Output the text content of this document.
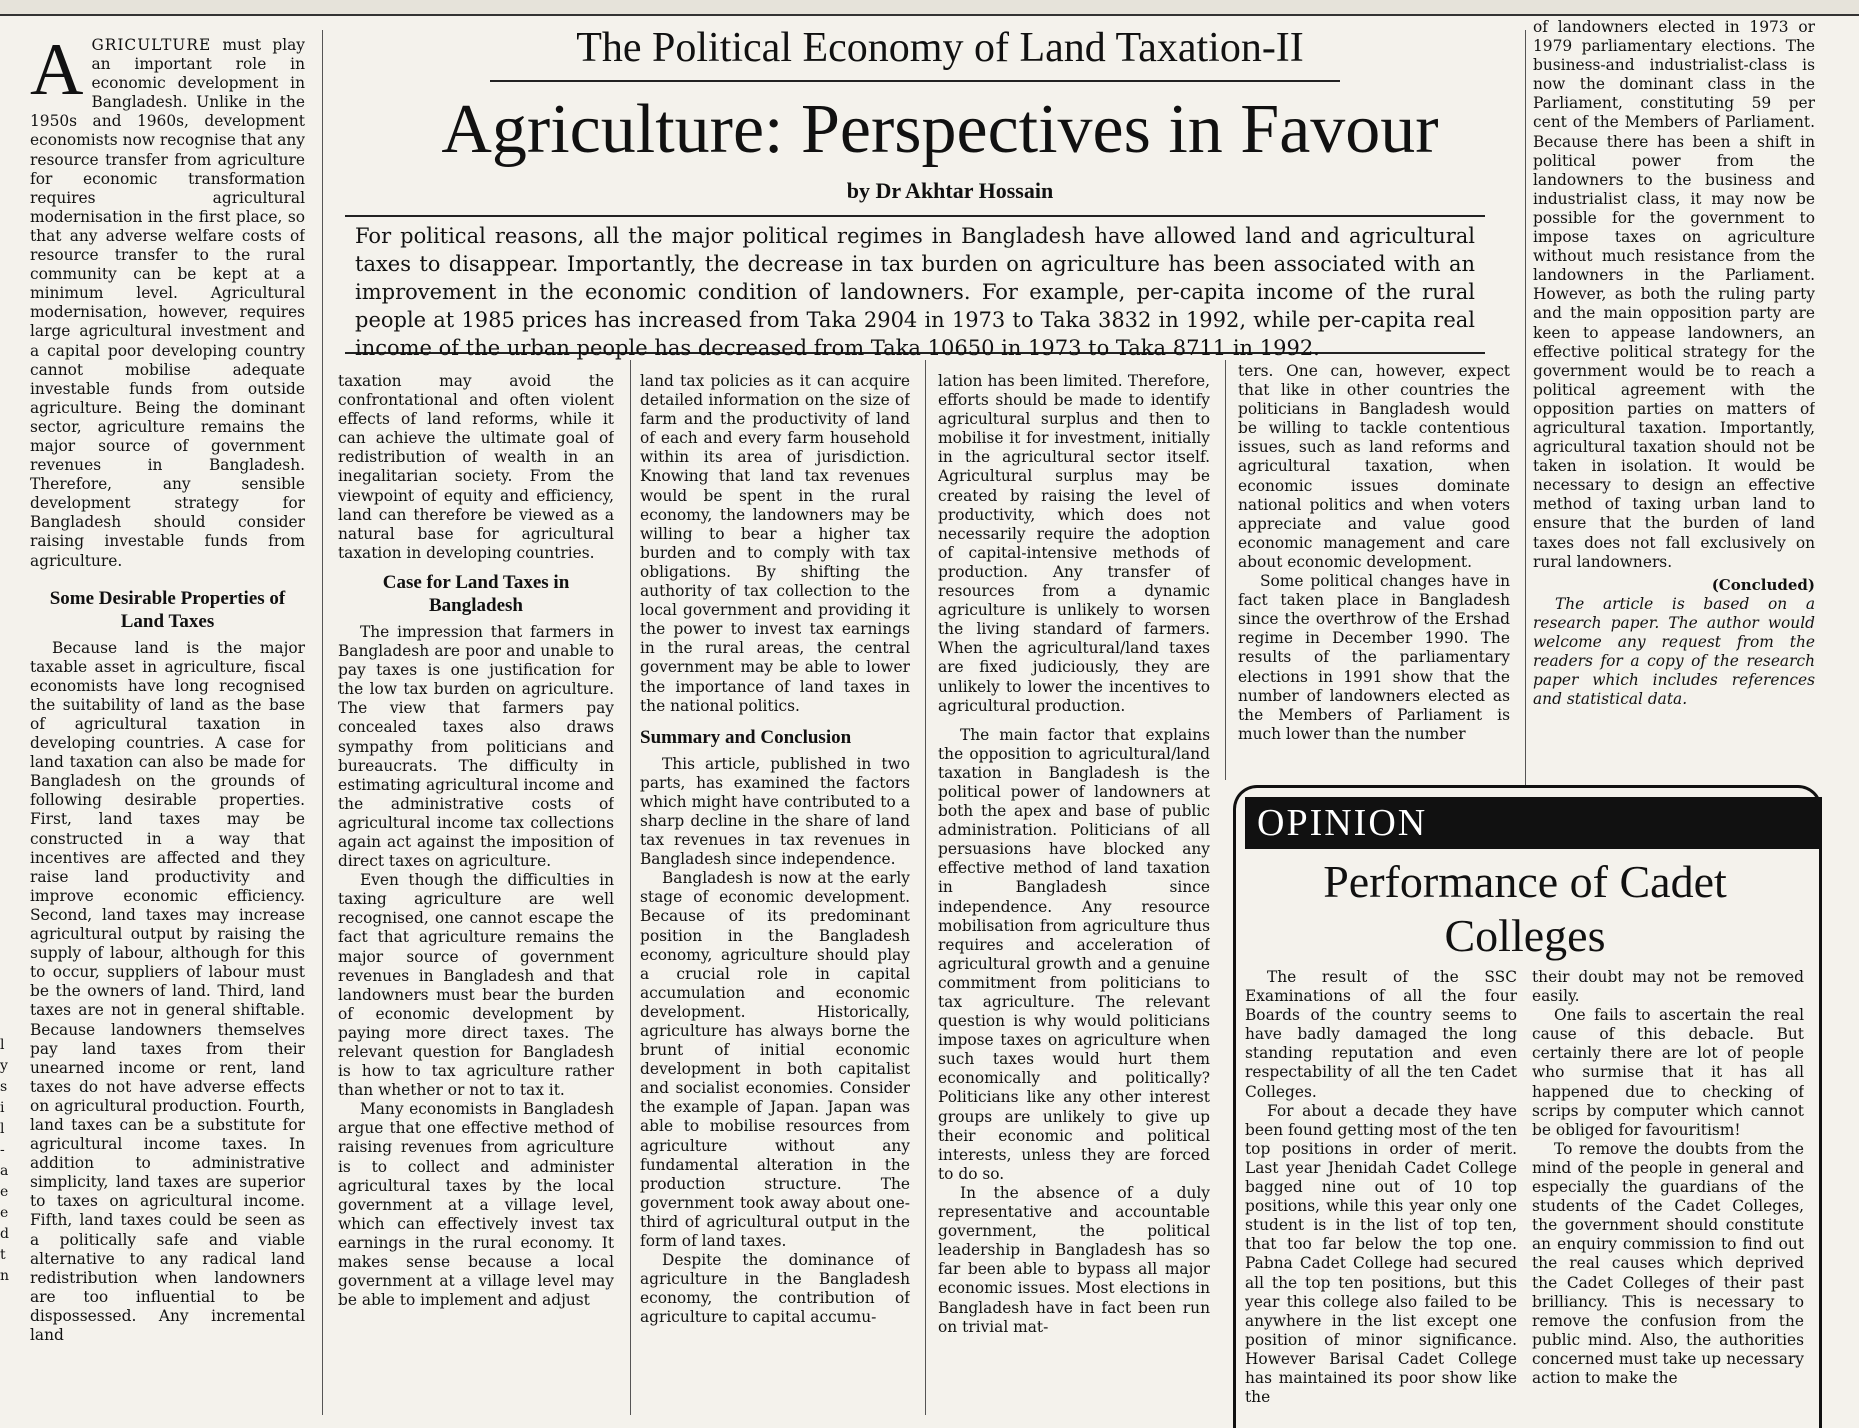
l
y
s
i
l
-
a
e
e
d
t
n
The Political Economy of Land Taxation-II
Agriculture: Perspectives in Favour
by Dr Akhtar Hossain
For political reasons, all the major political regimes in Bangladesh have allowed land and agricultural taxes to disappear. Importantly, the decrease in tax burden on agriculture has been associated with an improvement in the economic condition of landowners. For example, per-capita income of the rural people at 1985 prices has increased from Taka 2904 in 1973 to Taka 3832 in 1992, while per-capita real income of the urban people has decreased from Taka 10650 in 1973 to Taka 8711 in 1992.

AGRICULTURE must play an important role in economic development in Bangladesh. Unlike in the 1950s and 1960s, development economists now recognise that any resource transfer from agriculture for economic transformation requires agricultural modernisation in the first place, so that any adverse welfare costs of resource transfer to the rural community can be kept at a minimum level. Agricultural modernisation, however, requires large agricultural investment and a capital poor developing country cannot mobilise adequate investable funds from outside agriculture. Being the dominant sector, agriculture remains the major source of government revenues in Bangladesh. Therefore, any sensible development strategy for Bangladesh should consider raising investable funds from agriculture.

Some Desirable Properties of Land Taxes

Because land is the major taxable asset in agriculture, fiscal economists have long recognised the suitability of land as the base of agricultural taxation in developing countries. A case for land taxation can also be made for Bangladesh on the grounds of following desirable properties. First, land taxes may be constructed in a way that incentives are affected and they raise land productivity and improve economic efficiency. Second, land taxes may increase agricultural output by raising the supply of labour, although for this to occur, suppliers of labour must be the owners of land. Third, land taxes are not in general shiftable. Because landowners themselves pay land taxes from their unearned income or rent, land taxes do not have adverse effects on agricultural production. Fourth, land taxes can be a substitute for agricultural income taxes. In addition to administrative simplicity, land taxes are superior to taxes on agricultural income. Fifth, land taxes could be seen as a politically safe and viable alternative to any radical land redistribution when landowners are too influential to be dispossessed. Any incremental land

taxation may avoid the confrontational and often violent effects of land reforms, while it can achieve the ultimate goal of redistribution of wealth in an inegalitarian society. From the viewpoint of equity and efficiency, land can therefore be viewed as a natural base for agricultural taxation in developing countries.

Case for Land Taxes in Bangladesh

The impression that farmers in Bangladesh are poor and unable to pay taxes is one justification for the low tax burden on agriculture. The view that farmers pay concealed taxes also draws sympathy from politicians and bureaucrats. The difficulty in estimating agricultural income and the administrative costs of agricultural income tax collections again act against the imposition of direct taxes on agriculture.

Even though the difficulties in taxing agriculture are well recognised, one cannot escape the fact that agriculture remains the major source of government revenues in Bangladesh and that landowners must bear the burden of economic development by paying more direct taxes. The relevant question for Bangladesh is how to tax agriculture rather than whether or not to tax it.

Many economists in Bangladesh argue that one effective method of raising revenues from agriculture is to collect and administer agricultural taxes by the local government at a village level, which can effectively invest tax earnings in the rural economy. It makes sense because a local government at a village level may be able to implement and adjust

land tax policies as it can acquire detailed information on the size of farm and the productivity of land of each and every farm household within its area of jurisdiction. Knowing that land tax revenues would be spent in the rural economy, the landowners may be willing to bear a higher tax burden and to comply with tax obligations. By shifting the authority of tax collection to the local government and providing it the power to invest tax earnings in the rural areas, the central government may be able to lower the importance of land taxes in the national politics.

Summary and Conclusion

This article, published in two parts, has examined the factors which might have contributed to a sharp decline in the share of land tax revenues in tax revenues in Bangladesh since independence.

Bangladesh is now at the early stage of economic development. Because of its predominant position in the Bangladesh economy, agriculture should play a crucial role in capital accumulation and economic development. Historically, agriculture has always borne the brunt of initial economic development in both capitalist and socialist economies. Consider the example of Japan. Japan was able to mobilise resources from agriculture without any fundamental alteration in the production structure. The government took away about one-third of agricultural output in the form of land taxes.

Despite the dominance of agriculture in the Bangladesh economy, the contribution of agriculture to capital accumu-

lation has been limited. Therefore, efforts should be made to identify agricultural surplus and then to mobilise it for investment, initially in the agricultural sector itself. Agricultural surplus may be created by raising the level of productivity, which does not necessarily require the adoption of capital-intensive methods of production. Any transfer of resources from a dynamic agriculture is unlikely to worsen the living standard of farmers. When the agricultural/land taxes are fixed judiciously, they are unlikely to lower the incentives to agricultural production.

The main factor that explains the opposition to agricultural/land taxation in Bangladesh is the political power of landowners at both the apex and base of public administration. Politicians of all persuasions have blocked any effective method of land taxation in Bangladesh since independence. Any resource mobilisation from agriculture thus requires and acceleration of agricultural growth and a genuine commitment from politicians to tax agriculture. The relevant question is why would politicians impose taxes on agriculture when such taxes would hurt them economically and politically? Politicians like any other interest groups are unlikely to give up their economic and political interests, unless they are forced to do so.

In the absence of a duly representative and accountable government, the political leadership in Bangladesh has so far been able to bypass all major economic issues. Most elections in Bangladesh have in fact been run on trivial mat-

ters. One can, however, expect that like in other countries the politicians in Bangladesh would be willing to tackle contentious issues, such as land reforms and agricultural taxation, when economic issues dominate national politics and when voters appreciate and value good economic management and care about economic development.

Some political changes have in fact taken place in Bangladesh since the overthrow of the Ershad regime in December 1990. The results of the parliamentary elections in 1991 show that the number of landowners elected as the Members of Parliament is much lower than the number

of landowners elected in 1973 or 1979 parliamentary elections. The business-and industrialist-class is now the dominant class in the Parliament, constituting 59 per cent of the Members of Parliament. Because there has been a shift in political power from the landowners to the business and industrialist class, it may now be possible for the government to impose taxes on agriculture without much resistance from the landowners in the Parliament. However, as both the ruling party and the main opposition party are keen to appease landowners, an effective political strategy for the government would be to reach a political agreement with the opposition parties on matters of agricultural taxation. Importantly, agricultural taxation should not be taken in isolation. It would be necessary to design an effective method of taxing urban land to ensure that the burden of land taxes does not fall exclusively on rural landowners.

(Concluded)

The article is based on a research paper. The author would welcome any request from the readers for a copy of the research paper which includes references and statistical data.

OPINION
Performance of Cadet Colleges

The result of the SSC Examinations of all the four Boards of the country seems to have badly damaged the long standing reputation and even respectability of all the ten Cadet Colleges.

For about a decade they have been found getting most of the ten top positions in order of merit. Last year Jhenidah Cadet College bagged nine out of 10 top positions, while this year only one student is in the list of top ten, that too far below the top one. Pabna Cadet College had secured all the top ten positions, but this year this college also failed to be anywhere in the list except one position of minor significance. However Barisal Cadet College has maintained its poor show like the

their doubt may not be removed easily.

One fails to ascertain the real cause of this debacle. But certainly there are lot of people who surmise that it has all happened due to checking of scrips by computer which cannot be obliged for favouritism!

To remove the doubts from the mind of the people in general and especially the guardians of the students of the Cadet Colleges, the government should constitute an enquiry commission to find out the real causes which deprived the Cadet Colleges of their past brilliancy. This is necessary to remove the confusion from the public mind. Also, the authorities concerned must take up necessary action to make the
